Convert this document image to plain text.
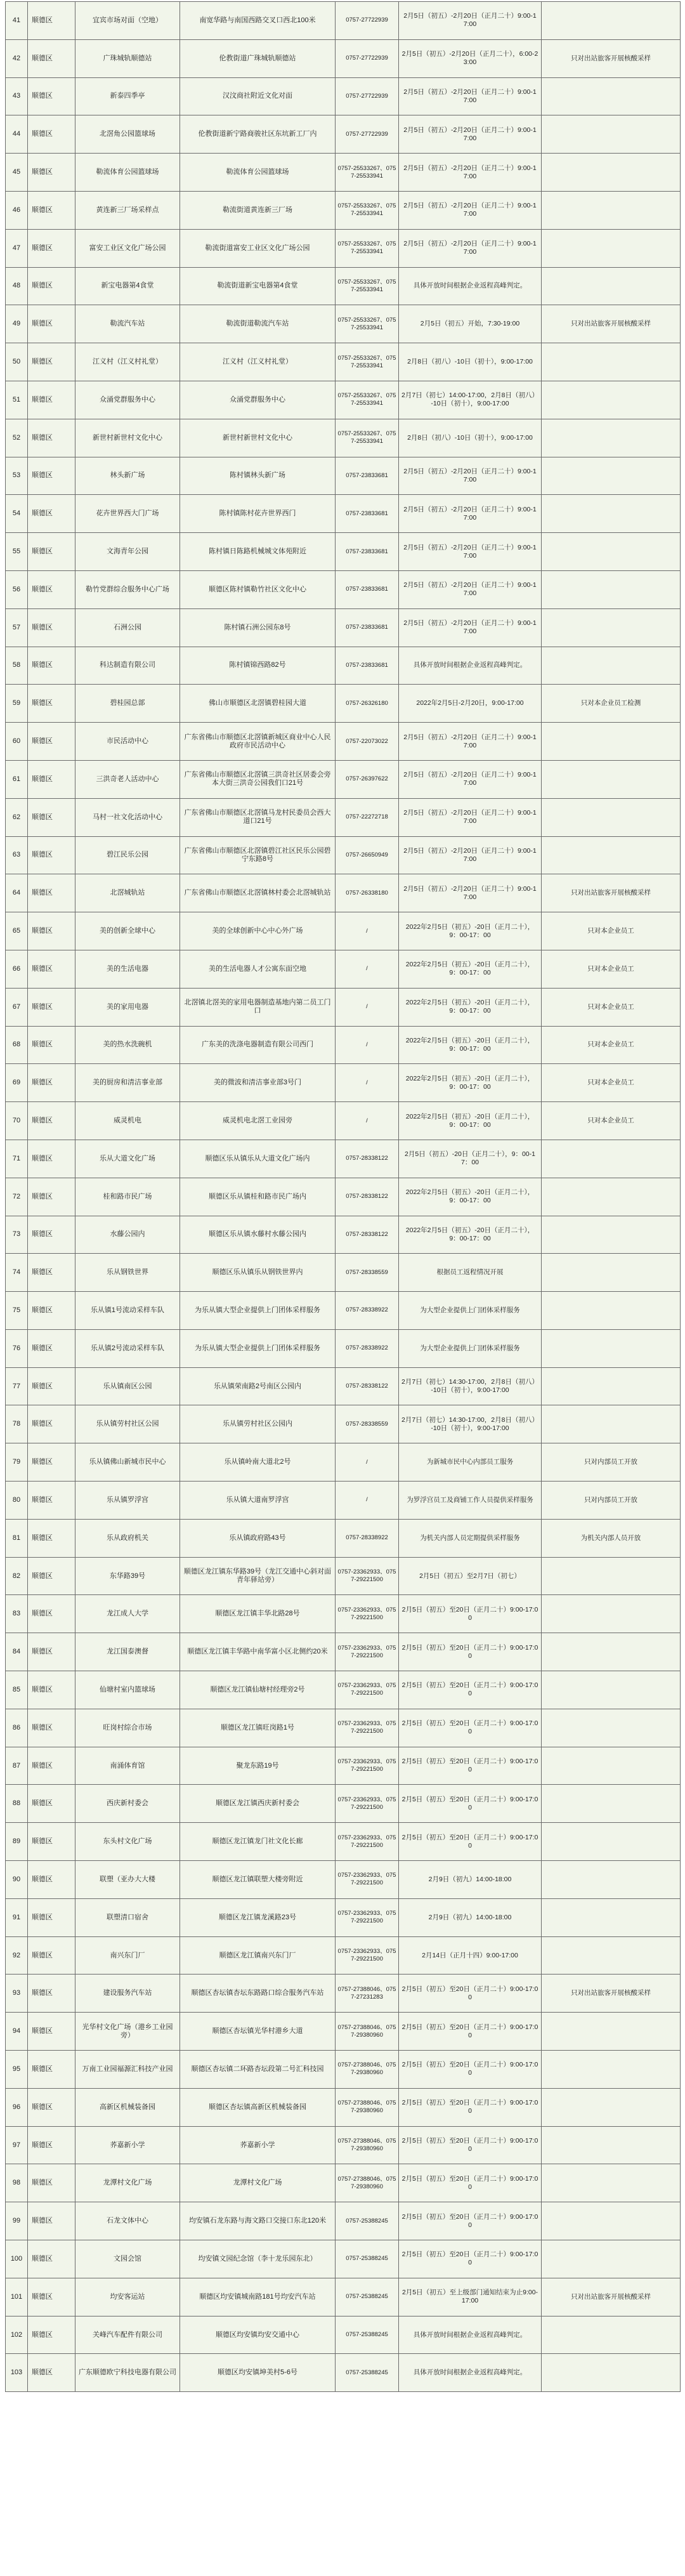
41	顺德区	宜宾市场对面（空地）	南宽华路与南国西路交叉口西北100米	0757-27722939	2月5日（初五）-2月20日（正月二十）9:00-17:00	
42	顺德区	广珠城轨顺德站	伦教街道广珠城轨顺德站	0757-27722939	2月5日（初五）-2月20日（正月二十），6:00-23:00	只对出站旅客开展核酸采样
43	顺德区	新泰四季亭	汉汶商社附近文化对面	0757-27722939	2月5日（初五）-2月20日（正月二十）9:00-17:00	
44	顺德区	北滘角公园篮球场	伦教街道新宁路商骏社区东坑新工厂内	0757-27722939	2月5日（初五）-2月20日（正月二十）9:00-17:00	
45	顺德区	勒流体育公园篮球场	勒流体育公园篮球场	0757-25533267、0757-25533941	2月5日（初五）-2月20日（正月二十）9:00-17:00	
46	顺德区	黄连新三厂场采样点	勒流街道黄连新三厂场	0757-25533267、0757-25533941	2月5日（初五）-2月20日（正月二十）9:00-17:00	
47	顺德区	富安工业区文化广场公园	勒流街道富安工业区文化广场公园	0757-25533267、0757-25533941	2月5日（初五）-2月20日（正月二十）9:00-17:00	
48	顺德区	新宝电器第4食堂	勒流街道新宝电器第4食堂	0757-25533267、0757-25533941	具体开放时间根据企业返程高峰判定。	
49	顺德区	勒流汽车站	勒流街道勒流汽车站	0757-25533267、0757-25533941	2月5日（初五）开始，7:30-19:00	只对出站旅客开展核酸采样
50	顺德区	江义村（江义村礼堂）	江义村（江义村礼堂）	0757-25533267、0757-25533941	2月8日（初八）-10日（初十），9:00-17:00	
51	顺德区	众涌党群服务中心	众涌党群服务中心	0757-25533267、0757-25533941	2月7日（初七）14:00-17:00，2月8日（初八）-10日（初十），9:00-17:00	
52	顺德区	新世村新世村文化中心	新世村新世村文化中心	0757-25533267、0757-25533941	2月8日（初八）-10日（初十），9:00-17:00	
53	顺德区	林头新广场	陈村镇林头新广场	0757-23833681	2月5日（初五）-2月20日（正月二十）9:00-17:00	
54	顺德区	花卉世界西大门广场	陈村镇陈村花卉世界西门	0757-23833681	2月5日（初五）-2月20日（正月二十）9:00-17:00	
55	顺德区	文海青年公园	陈村镇日陈路机械城文体苑附近	0757-23833681	2月5日（初五）-2月20日（正月二十）9:00-17:00	
56	顺德区	勒竹党群综合服务中心广场	顺德区陈村镇勒竹社区文化中心	0757-23833681	2月5日（初五）-2月20日（正月二十）9:00-17:00	
57	顺德区	石洲公园	陈村镇石洲公园东8号	0757-23833681	2月5日（初五）-2月20日（正月二十）9:00-17:00	
58	顺德区	科达制造有限公司	陈村镇锦西路82号	0757-23833681	具体开放时间根据企业返程高峰判定。	
59	顺德区	碧桂园总部	佛山市顺德区北滘镇碧桂园大道	0757-26326180	2022年2月5日-2月20日，9:00-17:00	只对本企业员工检测
60	顺德区	市民活动中心	广东省佛山市顺德区北滘镇新城区商业中心人民政府市民活动中心	0757-22073022	2月5日（初五）-2月20日（正月二十）9:00-17:00	
61	顺德区	三洪奇老人活动中心	广东省佛山市顺德区北滘镇三洪奇社区居委会旁本大街三洪奇公园我们口21号	0757-26397622	2月5日（初五）-2月20日（正月二十）9:00-17:00	
62	顺德区	马村一社文化活动中心	广东省佛山市顺德区北滘镇马龙村民委员会西大道口21号	0757-22272718	2月5日（初五）-2月20日（正月二十）9:00-17:00	
63	顺德区	碧江民乐公园	广东省佛山市顺德区北滘镇碧江社区民乐公园碧宁东路8号	0757-26650949	2月5日（初五）-2月20日（正月二十）9:00-17:00	
64	顺德区	北滘城轨站	广东省佛山市顺德区北滘镇林村委会北滘城轨站	0757-26338180	2月5日（初五）-2月20日（正月二十）9:00-17:00	只对出站旅客开展核酸采样
65	顺德区	美的创新全球中心	美的全球创新中心中心外广场	/	2022年2月5日（初五）-20日（正月二十），9：00-17：00	只对本企业员工
66	顺德区	美的生活电器	美的生活电器人才公寓东面空地	/	2022年2月5日（初五）-20日（正月二十），9：00-17：00	只对本企业员工
67	顺德区	美的家用电器	北滘镇北滘美的家用电器制造基地内第二员工门口	/	2022年2月5日（初五）-20日（正月二十），9：00-17：00	只对本企业员工
68	顺德区	美的热水洗碗机	广东美的洗涤电器制造有限公司西门	/	2022年2月5日（初五）-20日（正月二十），9：00-17：00	只对本企业员工
69	顺德区	美的厨房和清洁事业部	美的微波和清洁事业部3号门	/	2022年2月5日（初五）-20日（正月二十），9：00-17：00	只对本企业员工
70	顺德区	威灵机电	威灵机电北滘工业园旁	/	2022年2月5日（初五）-20日（正月二十），9：00-17：00	只对本企业员工
71	顺德区	乐从大道文化广场	顺德区乐从镇乐从大道文化广场内	0757-28338122	2月5日（初五）-20日（正月二十），9：00-17：00	
72	顺德区	桂和路市民广场	顺德区乐从镇桂和路市民广场内	0757-28338122	2022年2月5日（初五）-20日（正月二十），9：00-17：00	
73	顺德区	水藤公园内	顺德区乐从镇水藤村水藤公园内	0757-28338122	2022年2月5日（初五）-20日（正月二十），9：00-17：00	
74	顺德区	乐从钢铁世界	顺德区乐从镇乐从钢铁世界内	0757-28338559	根据员工返程情况开展	
75	顺德区	乐从镇1号流动采样车队	为乐从镇大型企业提供上门团体采样服务	0757-28338922	为大型企业提供上门团体采样服务	
76	顺德区	乐从镇2号流动采样车队	为乐从镇大型企业提供上门团体采样服务	0757-28338922	为大型企业提供上门团体采样服务	
77	顺德区	乐从镇南区公园	乐从镇荣南路2号南区公园内	0757-28338122	2月7日（初七）14:30-17:00，2月8日（初八）-10日（初十），9:00-17:00	
78	顺德区	乐从镇劳村社区公园	乐从镇劳村社区公园内	0757-28338559	2月7日（初七）14:30-17:00，2月8日（初八）-10日（初十），9:00-17:00	
79	顺德区	乐从镇佛山新城市民中心	乐从镇岭南大道北2号	/	为新城市民中心内部员工服务	只对内部员工开放
80	顺德区	乐从镇罗浮宫	乐从镇大道南罗浮宫	/	为罗浮宫员工及商铺工作人员提供采样服务	只对内部员工开放
81	顺德区	乐从政府机关	乐从镇政府路43号	0757-28338922	为机关内部人员定期提供采样服务	为机关内部人员开放
82	顺德区	东华路39号	顺德区龙江镇东华路39号（龙江交通中心斜对面青年驿站旁）	0757-23362933、0757-29221500	2月5日（初五）至2月7日（初七）	
83	顺德区	龙江成人大学	顺德区龙江镇丰华北路28号	0757-23362933、0757-29221500	2月5日（初五）至20日（正月二十）9:00-17:00	
84	顺德区	龙江国泰澳督	顺德区龙江镇丰华路中南华富小区北侧约20米	0757-23362933、0757-29221500	2月5日（初五）至20日（正月二十）9:00-17:00	
85	顺德区	仙塘村室内篮球场	顺德区龙江镇仙塘村经理旁2号	0757-23362933、0757-29221500	2月5日（初五）至20日（正月二十）9:00-17:00	
86	顺德区	旺岗村综合市场	顺德区龙江镇旺岗路1号	0757-23362933、0757-29221500	2月5日（初五）至20日（正月二十）9:00-17:00	
87	顺德区	南涌体育馆	聚龙东路19号	0757-23362933、0757-29221500	2月5日（初五）至20日（正月二十）9:00-17:00	
88	顺德区	西庆新村委会	顺德区龙江镇西庆新村委会	0757-23362933、0757-29221500	2月5日（初五）至20日（正月二十）9:00-17:00	
89	顺德区	东头村文化广场	顺德区龙江镇龙门社文化长廊	0757-23362933、0757-29221500	2月5日（初五）至20日（正月二十）9:00-17:00	
90	顺德区	联塑（亚办大大楼	顺德区龙江镇联塑大楼旁附近	0757-23362933、0757-29221500	2月9日（初九）14:00-18:00	
91	顺德区	联塑清口宿舍	顺德区龙江镇龙溪路23号	0757-23362933、0757-29221500	2月9日（初九）14:00-18:00	
92	顺德区	南兴东门厂	顺德区龙江镇南兴东门厂	0757-23362933、0757-29221500	2月14日（正月十四）9:00-17:00	
93	顺德区	建设服务汽车站	顺德区杏坛镇杏坛东路路口综合服务汽车站	0757-27388046、0757-27231283	2月5日（初五）至20日（正月二十）9:00-17:00	只对出站旅客开展核酸采样
94	顺德区	光华村文化广场（港乡工业园旁）	顺德区杏坛镇光华村港乡大道	0757-27388046、0757-29380960	2月5日（初五）至20日（正月二十）9:00-17:00	
95	顺德区	万南工业园福源汇科技产业园	顺德区杏坛镇二环路杏坛段第二号汇科技园	0757-27388046、0757-29380960	2月5日（初五）至20日（正月二十）9:00-17:00	
96	顺德区	高新区机械装备园	顺德区杏坛镇高新区机械装备园	0757-27388046、0757-29380960	2月5日（初五）至20日（正月二十）9:00-17:00	
97	顺德区	荞嘉新小学	荞嘉新小学	0757-27388046、0757-29380960	2月5日（初五）至20日（正月二十）9:00-17:00	
98	顺德区	龙潭村文化广场	龙潭村文化广场	0757-27388046、0757-29380960	2月5日（初五）至20日（正月二十）9:00-17:00	
99	顺德区	石龙文体中心	均安镇石龙东路与海文路口交接口东北120米	0757-25388245	2月5日（初五）至20日（正月二十）9:00-17:00	
100	顺德区	文园会馆	均安镇文园纪念馆（李十龙乐园东北）	0757-25388245	2月5日（初五）至20日（正月二十）9:00-17:00	
101	顺德区	均安客运站	顺德区均安镇城南路181号均安汽车站	0757-25388245	2月5日（初五）至上级部门通知结束为止9:00-17:00	只对出站旅客开展核酸采样
102	顺德区	关峰汽车配件有限公司	顺德区均安镇均安交通中心	0757-25388245	具体开放时间根据企业返程高峰判定。	
103	顺德区	广东顺德欧宁科技电器有限公司	顺德区均安镇坤美村5-6号	0757-25388245	具体开放时间根据企业返程高峰判定。	
